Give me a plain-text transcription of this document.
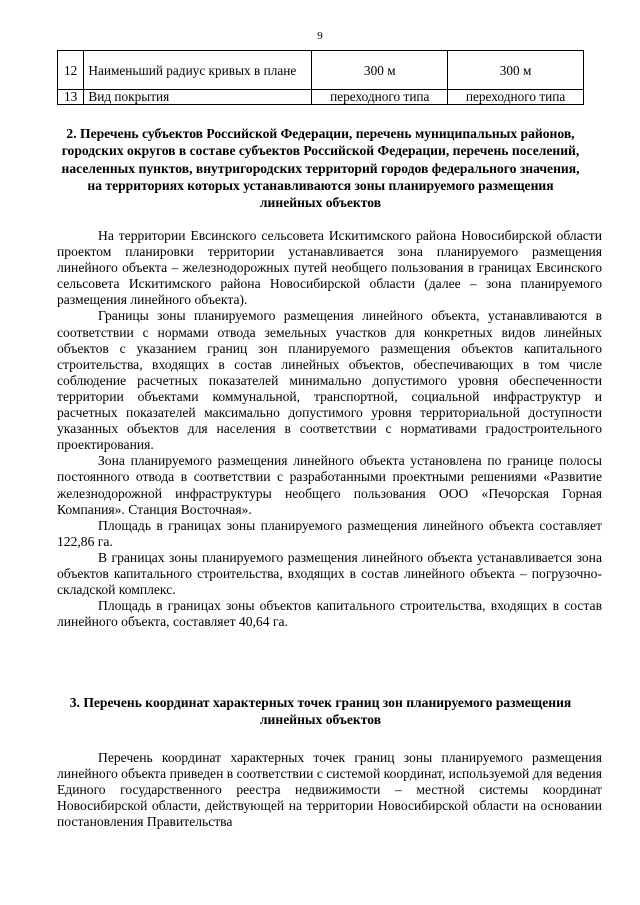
9
12	Наименьший радиус кривых в плане	300 м	300 м
13	Вид покрытия	переходного типа	переходного типа
2. Перечень субъектов Российской Федерации, перечень муниципальных районов, городских округов в составе субъектов Российской Федерации, перечень поселений, населенных пунктов, внутригородских территорий городов федерального значения, на территориях которых устанавливаются зоны планируемого размещения линейных объектов

На территории Евсинского сельсовета Искитимского района Новосибирской области проектом планировки территории устанавливается зона планируемого размещения линейного объекта – железнодорожных путей необщего пользования в границах Евсинского сельсовета Искитимского района Новосибирской области (далее – зона планируемого размещения линейного объекта).

Границы зоны планируемого размещения линейного объекта, устанавливаются в соответствии с нормами отвода земельных участков для конкретных видов линейных объектов с указанием границ зон планируемого размещения объектов капитального строительства, входящих в состав линейных объектов, обеспечивающих в том числе соблюдение расчетных показателей минимально допустимого уровня обеспеченности территории объектами коммунальной, транспортной, социальной инфраструктур и расчетных показателей максимально допустимого уровня территориальной доступности указанных объектов для населения в соответствии с нормативами градостроительного проектирования.

Зона планируемого размещения линейного объекта установлена по границе полосы постоянного отвода в соответствии с разработанными проектными решениями «Развитие железнодорожной инфраструктуры необщего пользования ООО «Печорская Горная Компания». Станция Восточная».

Площадь в границах зоны планируемого размещения линейного объекта составляет 122,86 га.

В границах зоны планируемого размещения линейного объекта устанавливается зона объектов капитального строительства, входящих в состав линейного объекта – погрузочно-складской комплекс.

Площадь в границах зоны объектов капитального строительства, входящих в состав линейного объекта, составляет 40,64 га.

3. Перечень координат характерных точек границ зон планируемого размещения линейных объектов

Перечень координат характерных точек границ зоны планируемого размещения линейного объекта приведен в соответствии с системой координат, используемой для ведения Единого государственного реестра недвижимости – местной системы координат Новосибирской области, действующей на территории Новосибирской области на основании постановления Правительства
